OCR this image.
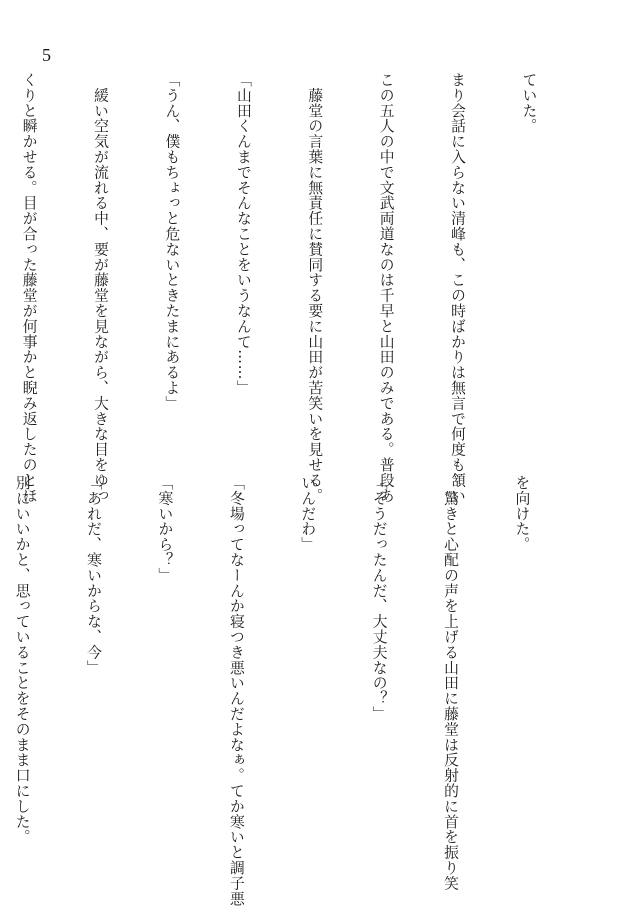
5

ていた。

まり会話に入らない清峰も、この時ばかりは無言で何度も頷い

この五人の中で文武両道なのは千早と山田のみである。普段あ

　藤堂の言葉に無責任に賛同する要に山田が苦笑いを見せる。

「山田くんまでそんなことをいうなんて……」

「うん、僕もちょっと危ないときたまにあるよ」

　緩い空気が流れる中、要が藤堂を見ながら、大きな目をゆっ

くりと瞬かせる。目が合った藤堂が何事かと睨み返したのとほ

を向けた。

　驚きと心配の声を上げる山田に藤堂は反射的に首を振り笑

「そうだったんだ、大丈夫なの？」

いんだわ」

「冬場ってなーんか寝つき悪いんだよなぁ。てか寒いと調子悪

「寒いから？」

「あれだ、寒いからな、今」

別にいいかと、思っていることをそのまま口にした。
